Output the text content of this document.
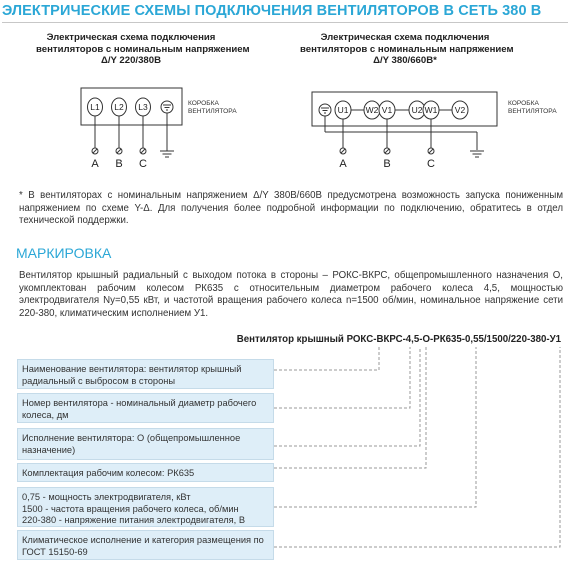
ЭЛЕКТРИЧЕСКИЕ СХЕМЫ ПОДКЛЮЧЕНИЯ ВЕНТИЛЯТОРОВ В СЕТЬ 380 В
Электрическая схема подключения
вентиляторов с номинальным напряжением
Δ/Y 220/380В
L1 L2 L3
A B C
КОРОБКА
ВЕНТИЛЯТОРА
Электрическая схема подключения
вентиляторов с номинальным напряжением
Δ/Y 380/660В*
U1 W2 V1 U2 W1 V2
A	B	C
КОРОБКА
ВЕНТИЛЯТОРА
* В вентиляторах с номинальным напряжением Δ/Y 380В/660В предусмотрена возможность запуска пониженным напряжением по схеме Y-Δ. Для получения более подробной информации по подключению, обратитесь в отдел технической поддержки.
МАРКИРОВКА
Вентилятор крышный радиальный с выходом потока в стороны – РОКС-ВКРС, общепромышленного назначения О, укомплектован рабочим колесом РК635 с относительным диаметром рабочего колеса 4,5, мощностью электродвигателя Ny=0,55 кВт, и частотой вращения рабочего колеса n=1500 об/мин, номинальное напряжение сети 220-380, климатическим исполнением У1.
Вентилятор крышный РОКС-ВКРС-4,5-О-РК635-0,55/1500/220-380-У1
Наименование вентилятора: вентилятор крышный радиальный с выбросом в стороны
Номер вентилятора - номинальный диаметр рабочего колеса, дм
Исполнение вентилятора: О (общепромышленное назначение)
Комплектация рабочим колесом: РК635
0,75 - мощность электродвигателя, кВт
1500 - частота вращения рабочего колеса, об/мин
220-380 - напряжение питания электродвигателя, В
Климатическое исполнение и категория размещения по ГОСТ 15150-69
